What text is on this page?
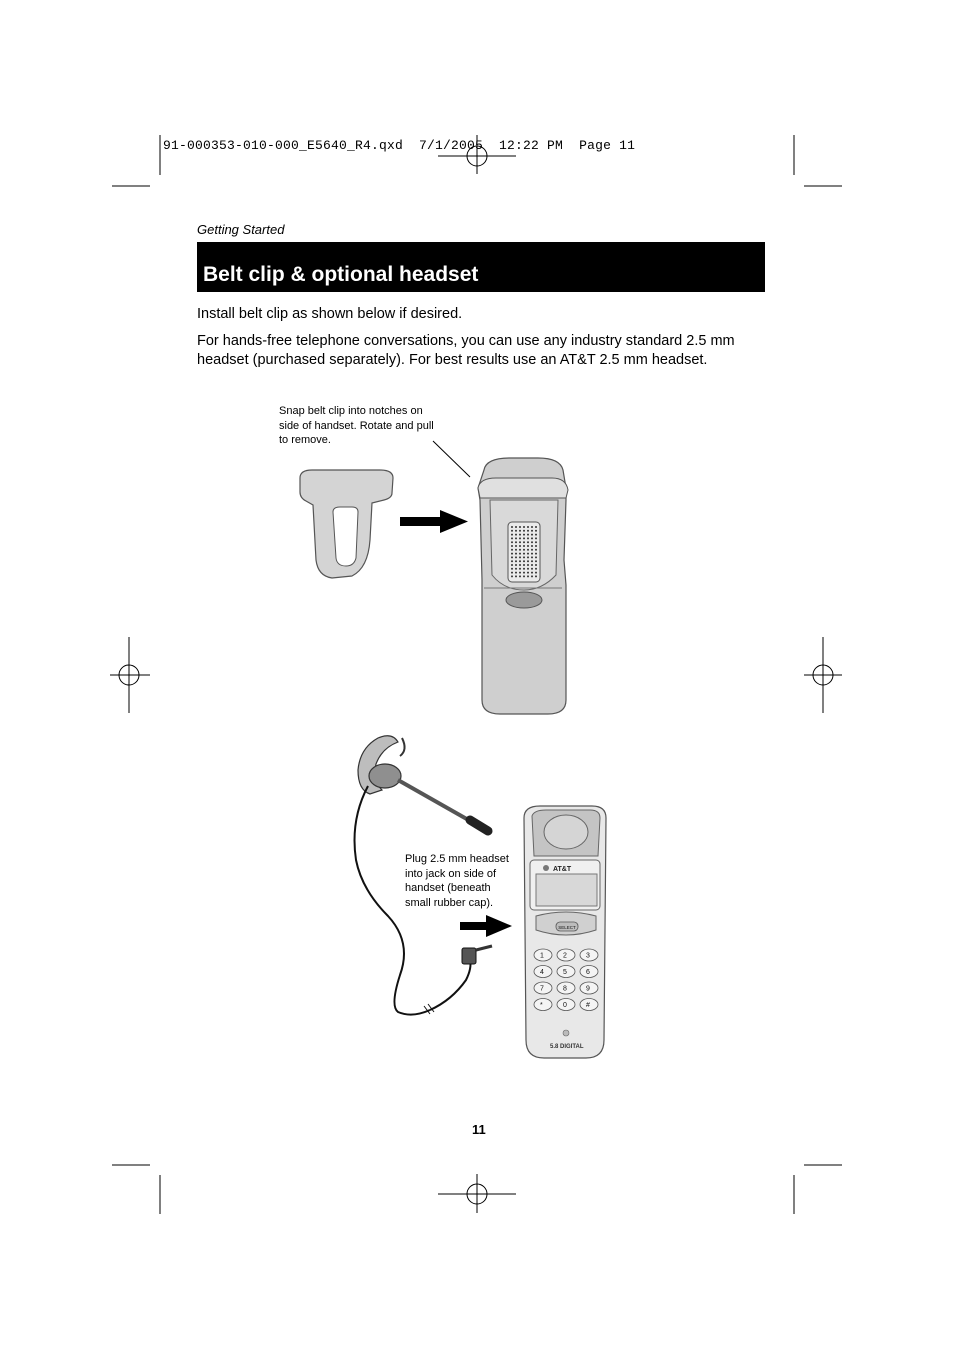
91-000353-010-000_E5640_R4.qxd  7/1/2005  12:22 PM  Page 11
Getting Started
Belt clip & optional headset
Install belt clip as shown below if desired.
For hands-free telephone conversations, you can use any industry standard 2.5 mm
headset (purchased separately). For best results use an AT&T 2.5 mm headset.
Snap belt clip into notches on
side of handset. Rotate and pull
to remove.
Plug 2.5 mm headset
into jack on side of
handset (beneath
small rubber cap).
11
AT&T
SELECT
1	2	3
4	5	6
7	8	9
*	0	#
5.8 DIGITAL
